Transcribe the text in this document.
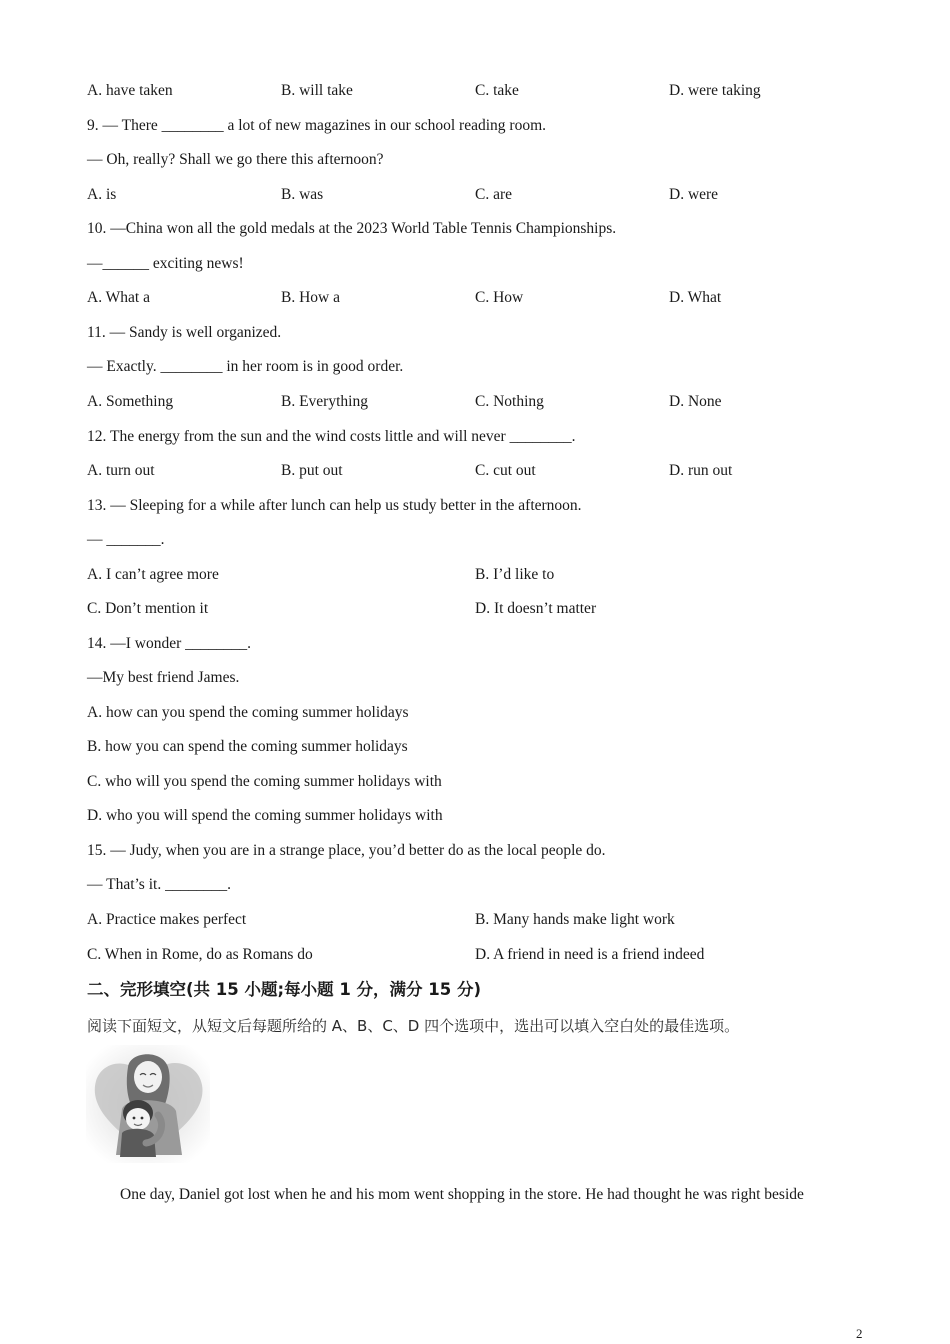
A. have taken	B. will take	C. take	D. were taking
9. — There ________ a lot of new magazines in our school reading room.
— Oh, really? Shall we go there this afternoon?
A. is	B. was	C. are	D. were
10. —China won all the gold medals at the 2023 World Table Tennis Championships.
—______ exciting news!
A. What a	B. How a	C. How	D. What
11. — Sandy is well organized.
— Exactly. ________ in her room is in good order.
A. Something	B. Everything	C. Nothing	D. None
12. The energy from the sun and the wind costs little and will never ________.
A. turn out	B. put out	C. cut out	D. run out
13. — Sleeping for a while after lunch can help us study better in the afternoon.
— _______.
A. I can’t agree more	B. I’d like to
C. Don’t mention it	D. It doesn’t matter
14. —I wonder ________.
—My best friend James.
A. how can you spend the coming summer holidays
B. how you can spend the coming summer holidays
C. who will you spend the coming summer holidays with
D. who you will spend the coming summer holidays with
15. — Judy, when you are in a strange place, you’d better do as the local people do.
— That’s it. ________.
A. Practice makes perfect	B. Many hands make light work
C. When in Rome, do as Romans do	D. A friend in need is a friend indeed
二、完形填空(共 15 小题;每小题 1 分，满分 15 分)
阅读下面短文，从短文后每题所给的 A、B、C、D 四个选项中，选出可以填入空白处的最佳选项。
One day, Daniel got lost when he and his mom went shopping in the store. He had thought he was right beside
2
